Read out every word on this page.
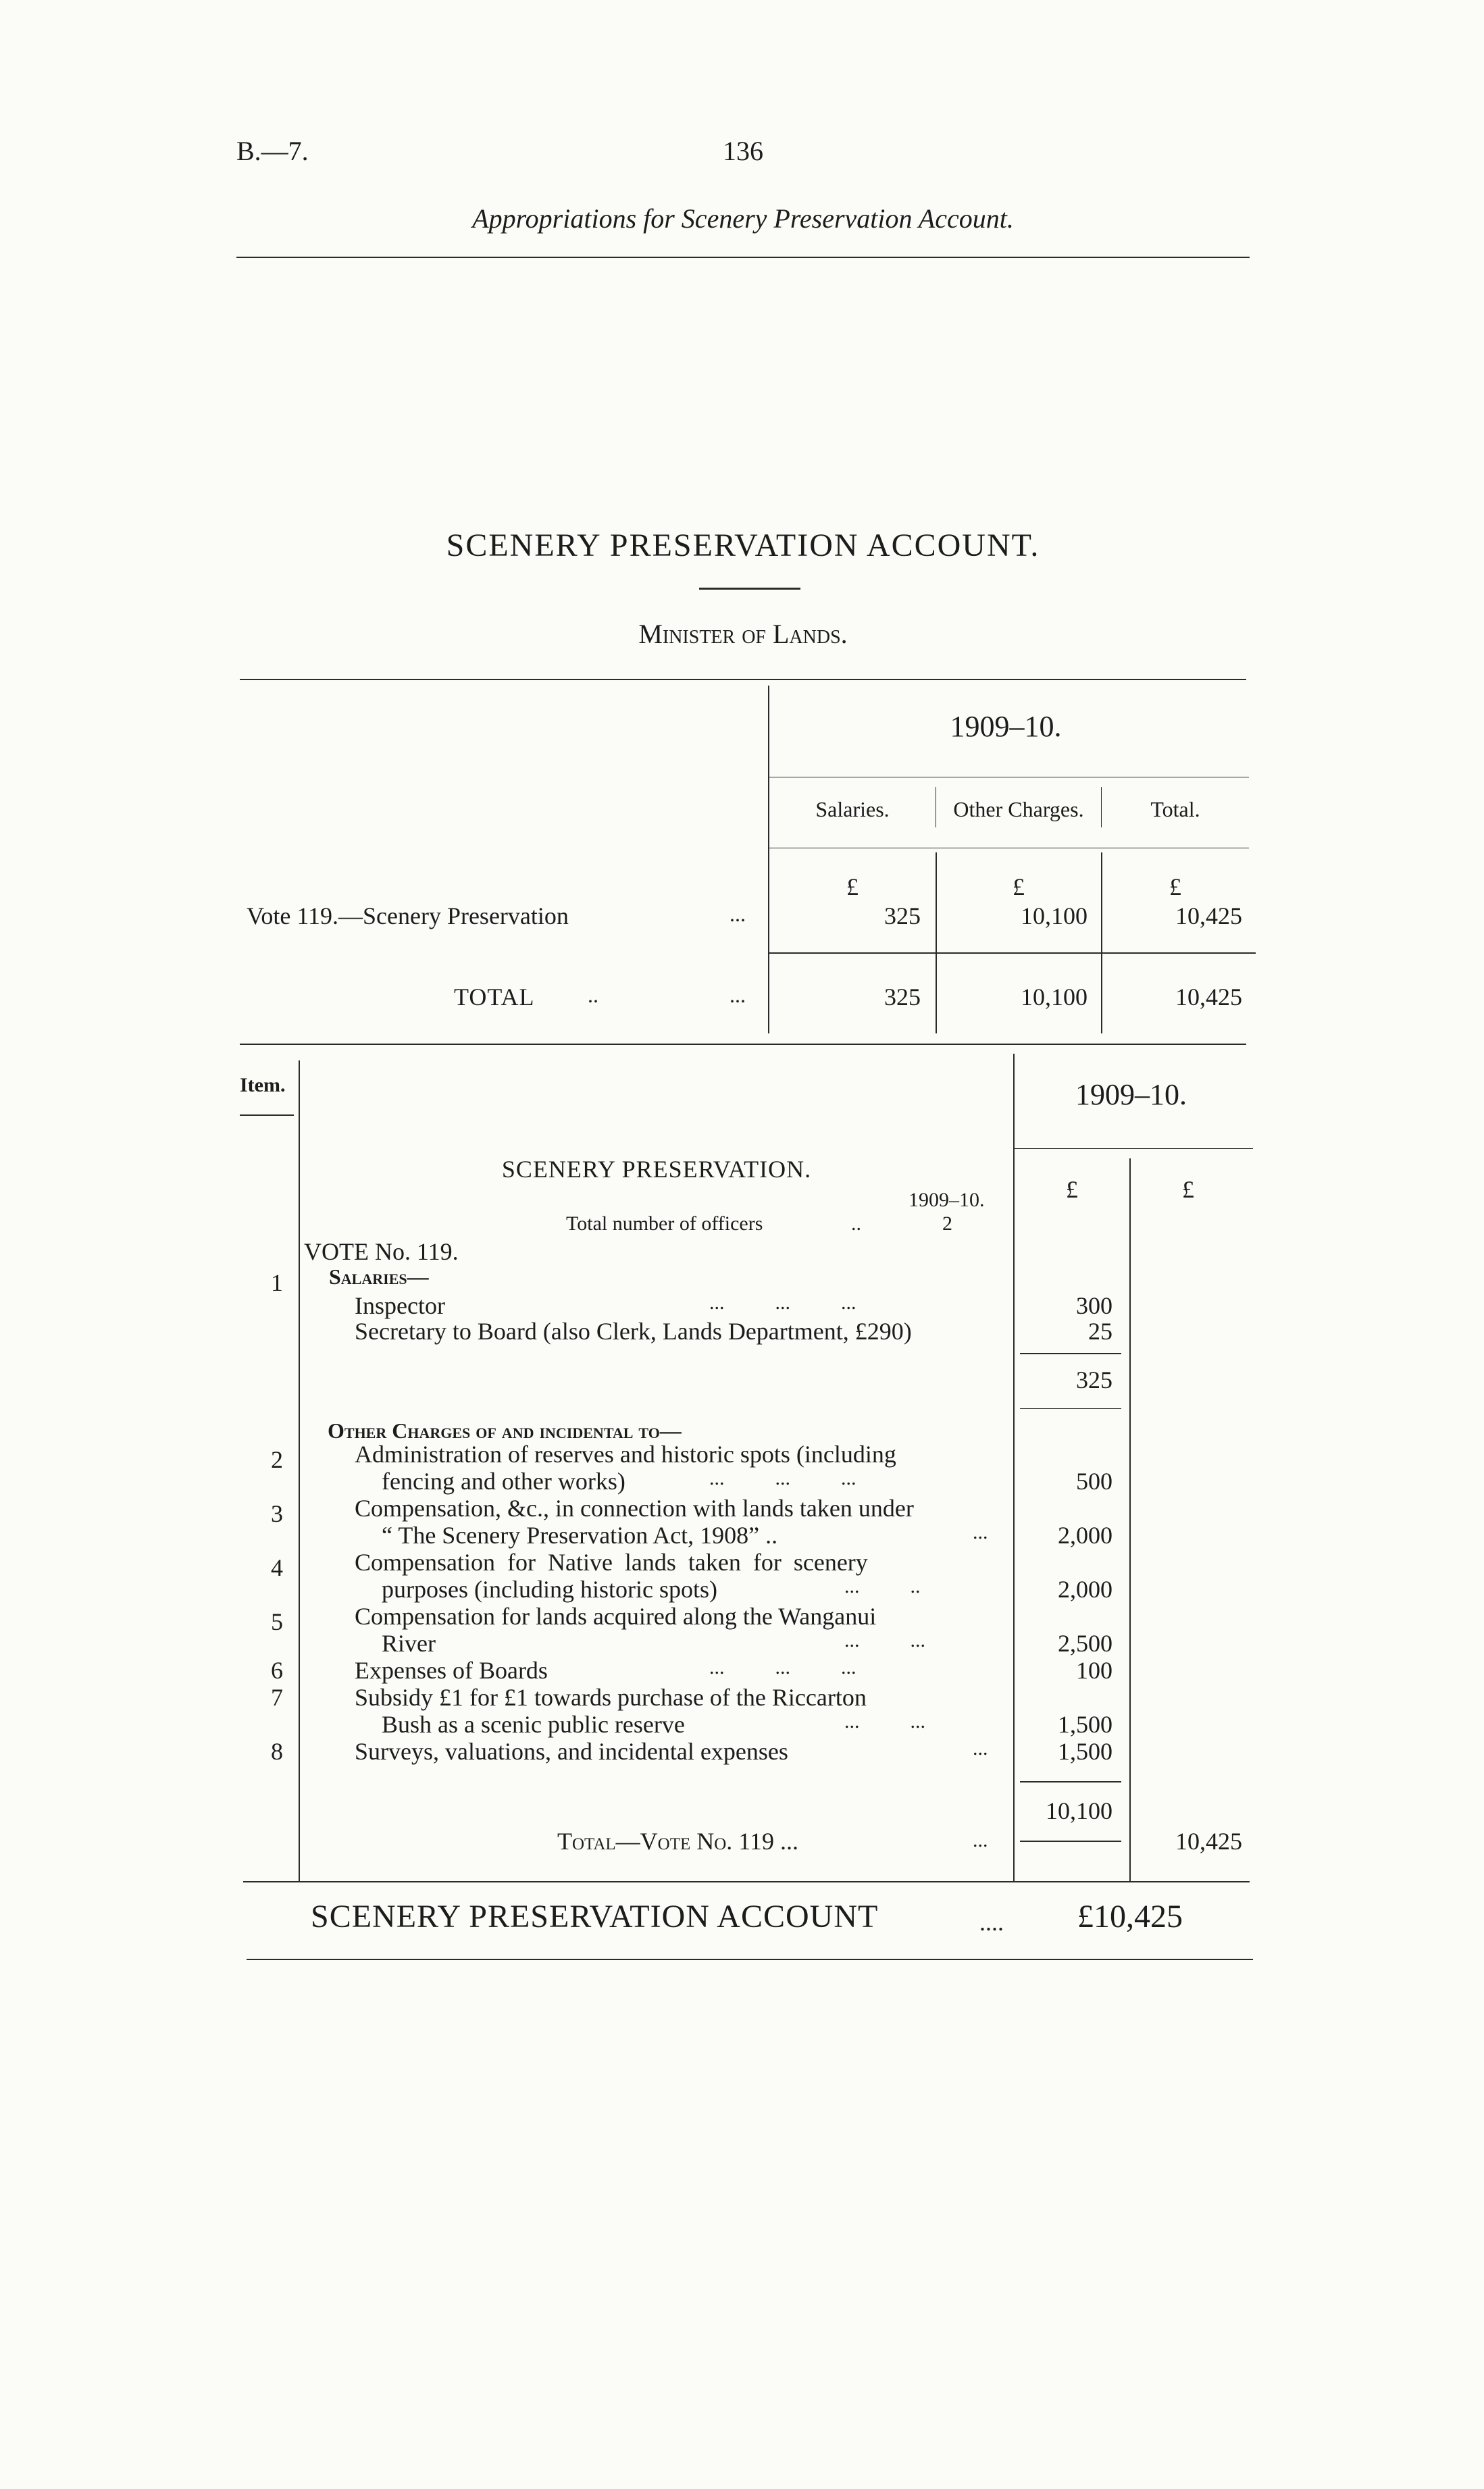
B.—7.	136
Appropriations for Scenery Preservation Account.
SCENERY PRESERVATION ACCOUNT.
Minister of Lands.
1909–10.
Salaries.	Other Charges.	Total.
£	£	£
Vote 119.—Scenery Preservation	...	325	10,100	10,425
TOTAL ..	...	325	10,100	10,425
Item.	1909–10.
£	£
SCENERY PRESERVATION.
1909–10.
Total number of officers	..	2
VOTE No. 119.
1	Salaries—
Inspector	...          ...          ...	300
Secretary to Board (also Clerk, Lands Department, £290)	25
325
Other Charges of and incidental to—
2	Administration of reserves and historic spots (including
fencing and other works)	...          ...          ...	500
3	Compensation, &c., in connection with lands taken under
“ The Scenery Preservation Act, 1908” ..	...	2,000
4	Compensation  for  Native  lands  taken  for  scenery
purposes (including historic spots)	...          ..	2,000
5	Compensation for lands acquired along the Wanganui
River	...          ...	2,500
6	Expenses of Boards	...          ...          ...	100
7	Subsidy £1 for £1 towards purchase of the Riccarton
Bush as a scenic public reserve	...          ...	1,500
8	Surveys, valuations, and incidental expenses	...	1,500
10,100
Total—Vote No. 119 ...	...	10,425
SCENERY PRESERVATION ACCOUNT	.... £10,425
